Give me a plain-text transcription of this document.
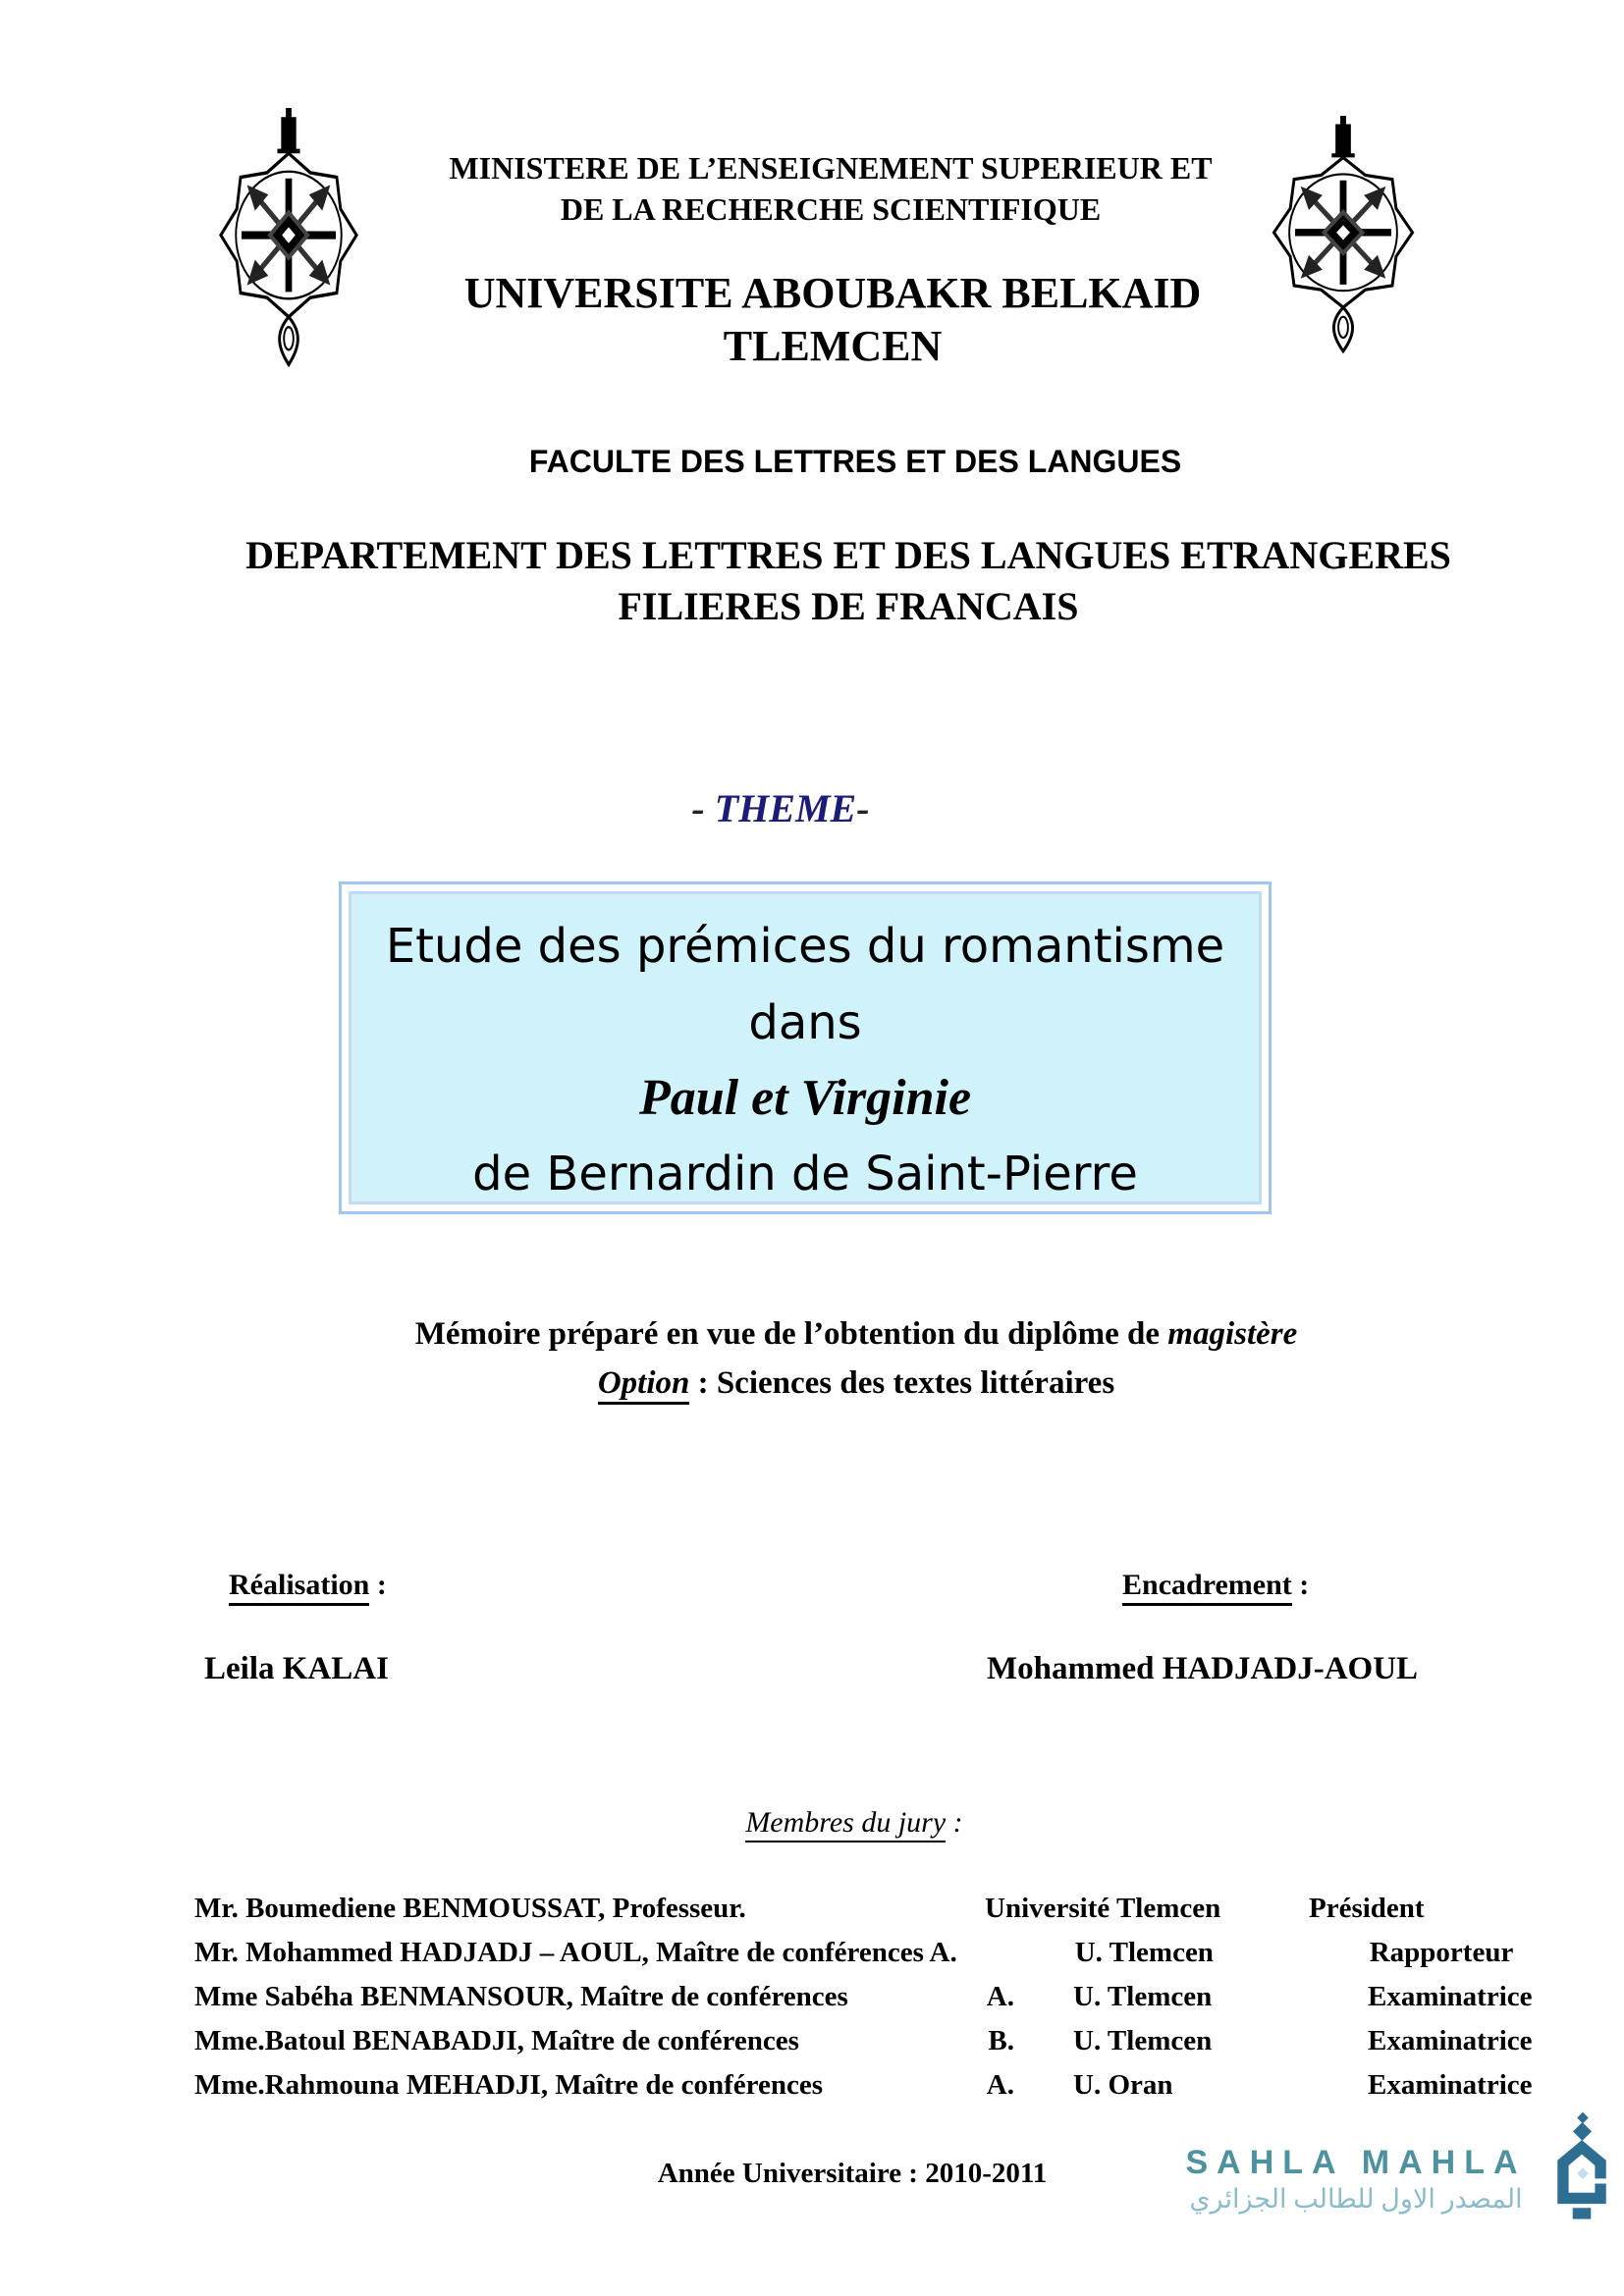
MINISTERE DE L’ENSEIGNEMENT SUPERIEUR ET
DE LA RECHERCHE SCIENTIFIQUE
UNIVERSITE ABOUBAKR BELKAID
TLEMCEN
FACULTE DES LETTRES ET DES LANGUES
DEPARTEMENT DES LETTRES ET DES LANGUES ETRANGERES
FILIERES DE FRANCAIS
- THEME-
Etude des prémices du romantisme
dans
Paul et Virginie
de Bernardin de Saint-Pierre
Mémoire préparé en vue de l’obtention du diplôme de magistère
Option : Sciences des textes littéraires
Réalisation :	Encadrement :
Leila KALAI	Mohammed HADJADJ-AOUL
Membres du jury :
Mr. Boumediene BENMOUSSAT, Professeur.	Université Tlemcen	Président
Mr. Mohammed HADJADJ – AOUL, Maître de conférences A.	U. Tlemcen	Rapporteur
Mme Sabéha BENMANSOUR, Maître de conférences	A.	U. Tlemcen	Examinatrice
Mme.Batoul BENABADJI, Maître de conférences	B.	U. Tlemcen	Examinatrice
Mme.Rahmouna MEHADJI, Maître de conférences	A.	U. Oran	Examinatrice
Année Universitaire : 2010-2011	SAHLA MAHLA
المصدر الاول للطالب الجزائري
